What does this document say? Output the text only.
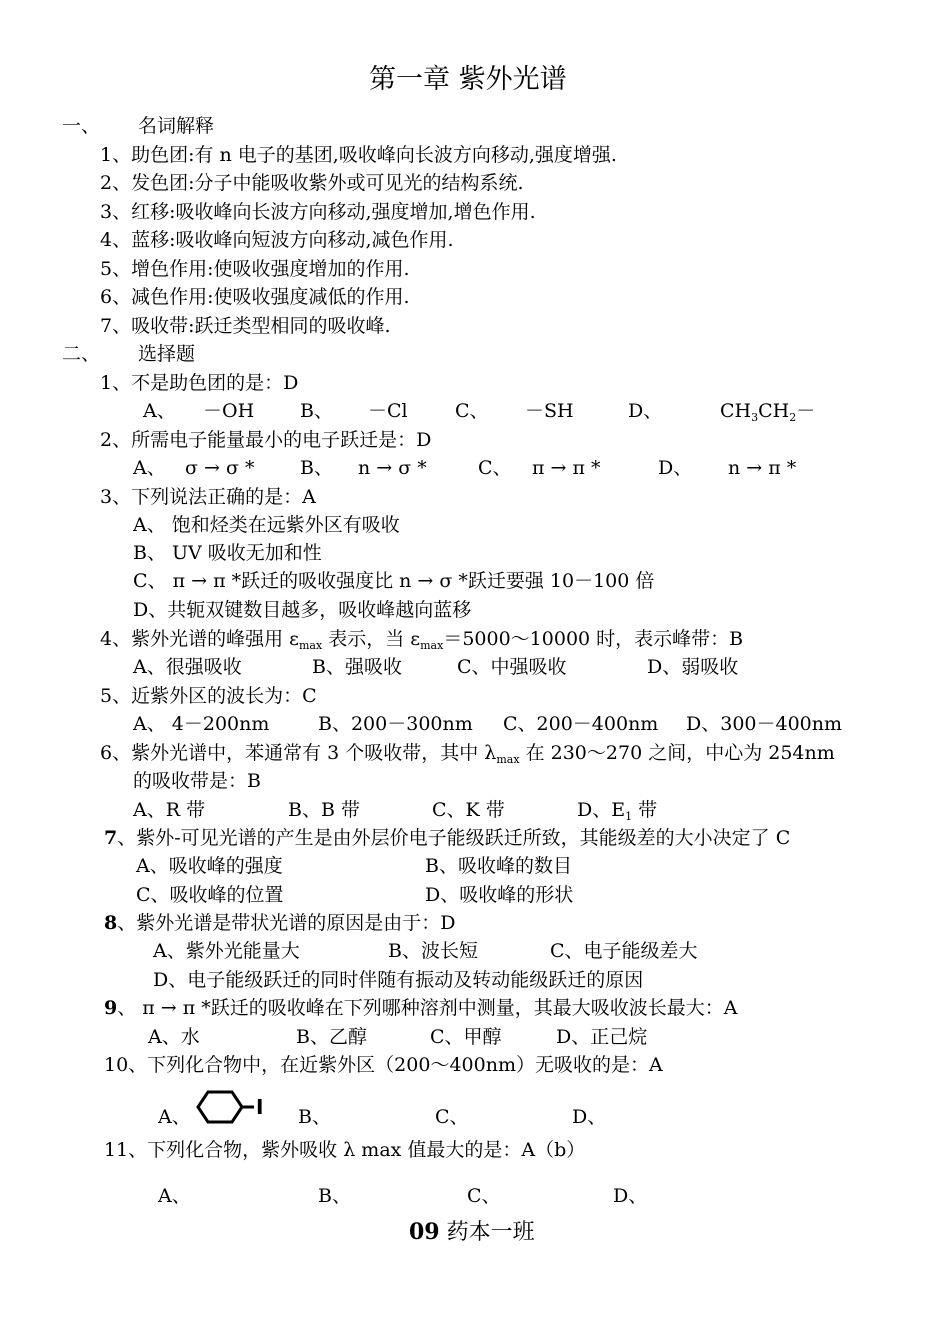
第一章 紫外光谱
一、 名词解释
1、助色团:有 n 电子的基团,吸收峰向长波方向移动,强度增强.
2、发色团:分子中能吸收紫外或可见光的结构系统.
3、红移:吸收峰向长波方向移动,强度增加,增色作用.
4、蓝移:吸收峰向短波方向移动,减色作用.
5、增色作用:使吸收强度增加的作用.
6、减色作用:使吸收强度减低的作用.
7、吸收带:跃迁类型相同的吸收峰.
二、 选择题
1、不是助色团的是：D
A、 －OH B、 －Cl C、 －SH	D、	$CH_3CH_2-$
2、所需电子能量最小的电子跃迁是：D
A、 σ → σ * B、 n → σ *	C、 π → π *	D、 n → π *
3、下列说法正确的是：A
A、 饱和烃类在远紫外区有吸收
B、 UV 吸收无加和性
C、 π → π *跃迁的吸收强度比 n → σ *跃迁要强 10－100 倍
D、共轭双键数目越多，吸收峰越向蓝移
4、紫外光谱的峰强用 $\varepsilon_{max}$ 表示，当 $\varepsilon_{max}=5000\sim 10000$ 时，表示峰带：B
A、很强吸收	B、强吸收	C、中强吸收	D、弱吸收
5、近紫外区的波长为：C
A、 4－200nm	B、200－300nm C、200－400nm D、300－400nm
6、紫外光谱中，苯通常有 3 个吸收带，其中 $\lambda_{max}$ 在 230～270 之间，中心为 254nm
的吸收带是：B
A、R 带	B、B 带	C、K 带	D、$E_1$ 带
7、紫外-可见光谱的产生是由外层价电子能级跃迁所致，其能级差的大小决定了 C
A、吸收峰的强度	B、吸收峰的数目
C、吸收峰的位置	D、吸收峰的形状
8、紫外光谱是带状光谱的原因是由于：D
A、紫外光能量大	B、波长短	C、电子能级差大
D、电子能级跃迁的同时伴随有振动及转动能级跃迁的原因
9、 π → π *跃迁的吸收峰在下列哪种溶剂中测量，其最大吸收波长最大：A
A、水	B、乙醇	C、甲醇	D、正己烷
10、下列化合物中，在近紫外区（200～400nm）无吸收的是：A
A、	I B、	C、	D、
11、下列化合物，紫外吸收 λ max 值最大的是：A（b）
A、	B、	C、	D、
09 药本一班
